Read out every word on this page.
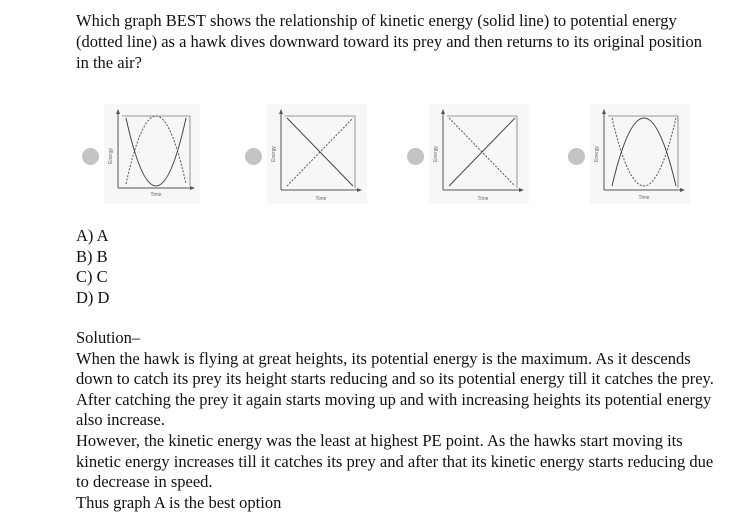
Which graph BEST shows the relationship of kinetic energy (solid line) to potential energy (dotted line) as a hawk dives downward toward its prey and then returns to its original position in the air?
Energy
Time
Energy
Time
Energy
Time
Energy
Time
A) A
B) B
C) C
D) D

Solution–

When the hawk is flying at great heights, its potential energy is the maximum. As it descends down to catch its prey its height starts reducing and so its potential energy till it catches the prey. After catching the prey it again starts moving up and with increasing heights its potential energy also increase.

However, the kinetic energy was the least at highest PE point. As the hawks start moving its kinetic energy increases till it catches its prey and after that its kinetic energy starts reducing due to decrease in speed.

Thus graph A is the best option
